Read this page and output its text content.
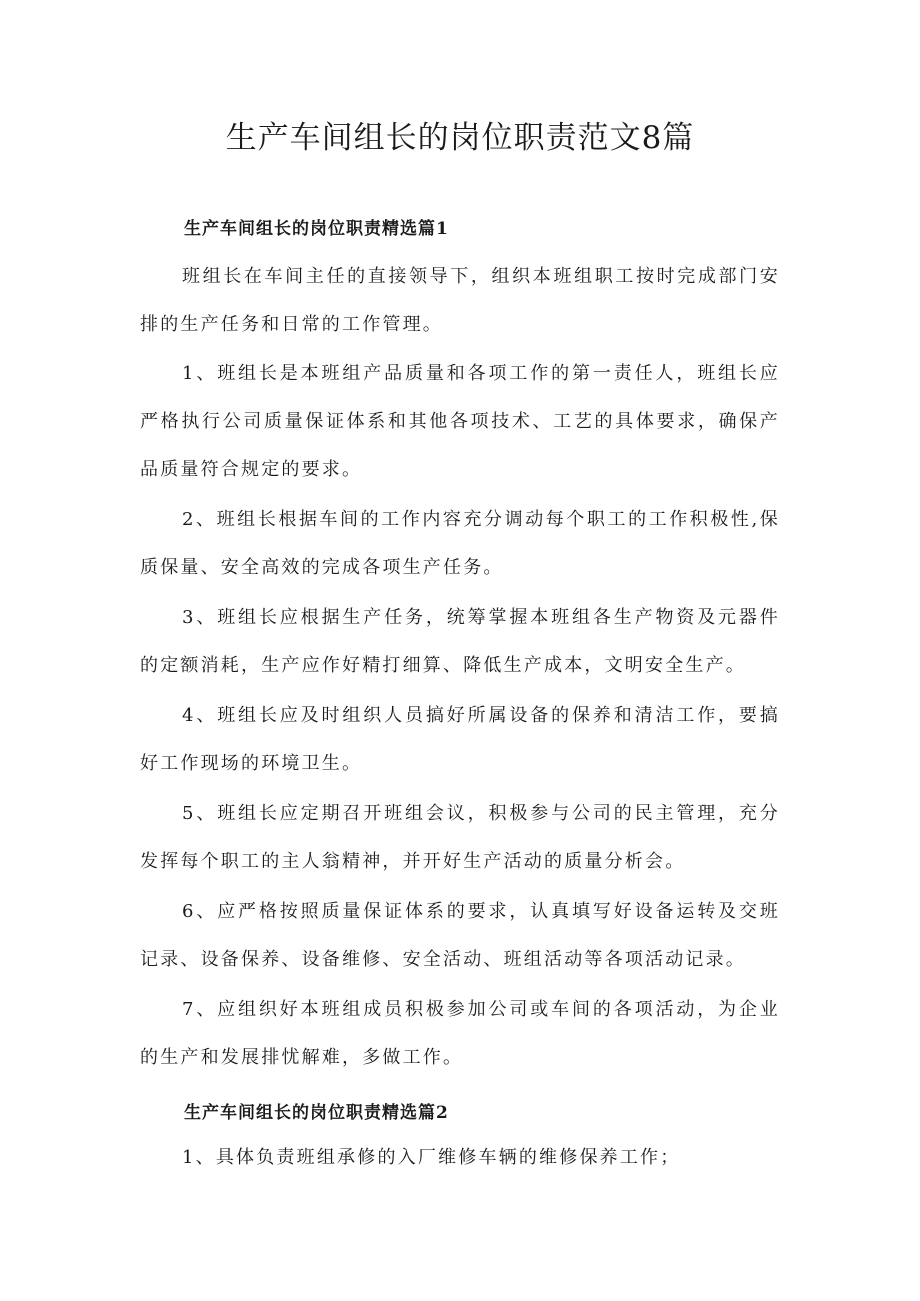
生产车间组长的岗位职责范文8篇
生产车间组长的岗位职责精选篇1

班组长在车间主任的直接领导下，组织本班组职工按时完成部门安排的生产任务和日常的工作管理。

1、班组长是本班组产品质量和各项工作的第一责任人，班组长应严格执行公司质量保证体系和其他各项技术、工艺的具体要求，确保产品质量符合规定的要求。

2、班组长根据车间的工作内容充分调动每个职工的工作积极性,保质保量、安全高效的完成各项生产任务。

3、班组长应根据生产任务，统筹掌握本班组各生产物资及元器件的定额消耗，生产应作好精打细算、降低生产成本，文明安全生产。

4、班组长应及时组织人员搞好所属设备的保养和清洁工作，要搞好工作现场的环境卫生。

5、班组长应定期召开班组会议，积极参与公司的民主管理，充分发挥每个职工的主人翁精神，并开好生产活动的质量分析会。

6、应严格按照质量保证体系的要求，认真填写好设备运转及交班记录、设备保养、设备维修、安全活动、班组活动等各项活动记录。

7、应组织好本班组成员积极参加公司或车间的各项活动，为企业的生产和发展排忧解难，多做工作。

生产车间组长的岗位职责精选篇2

1、具体负责班组承修的入厂维修车辆的维修保养工作；
